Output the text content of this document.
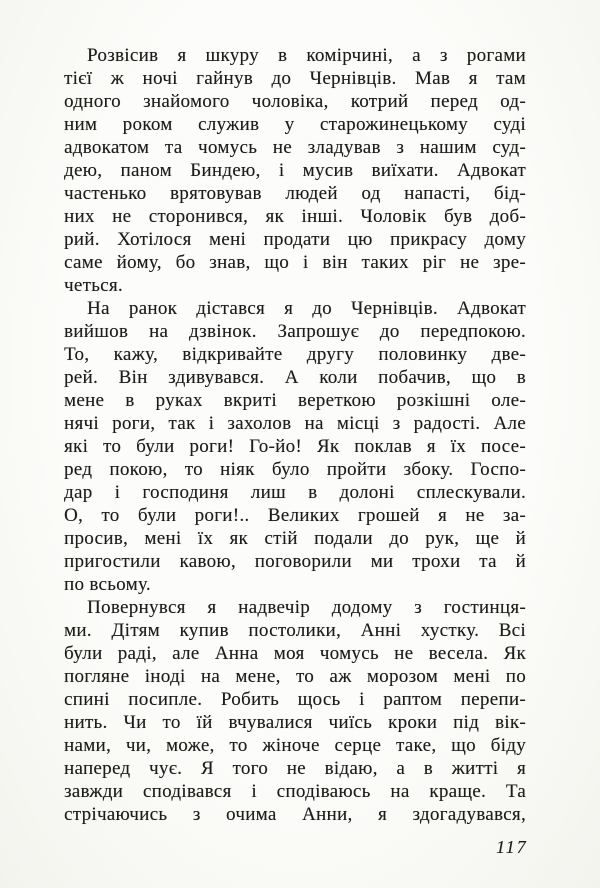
Розвісив я шкуру в комірчині, а з рогами
тієї ж ночі гайнув до Чернівців. Мав я там
одного знайомого чоловіка, котрий перед од-
ним роком служив у старожинецькому суді
адвокатом та чомусь не зладував з нашим суд-
дею, паном Биндею, і мусив виїхати. Адвокат
частенько врятовував людей од напасті, бід-
них не сторонився, як інші. Чоловік був доб-
рий. Хотілося мені продати цю прикрасу дому
саме йому, бо знав, що і він таких ріг не зре-
четься.
На ранок дістався я до Чернівців. Адвокат
вийшов на дзвінок. Запрошує до передпокою.
То, кажу, відкривайте другу половинку две-
рей. Він здивувався. А коли побачив, що в
мене в руках вкриті вереткою розкішні оле-
нячі роги, так і захолов на місці з радості. Але
які то були роги! Го-йо! Як поклав я їх посе-
ред покою, то ніяк було пройти збоку. Госпо-
дар і господиня лиш в долоні сплескували.
О, то були роги!.. Великих грошей я не за-
просив, мені їх як стій подали до рук, ще й
пригостили кавою, поговорили ми трохи та й
по всьому.
Повернувся я надвечір додому з гостинця-
ми. Дітям купив постолики, Анні хустку. Всі
були раді, але Анна моя чомусь не весела. Як
погляне іноді на мене, то аж морозом мені по
спині посипле. Робить щось і раптом перепи-
нить. Чи то їй вчувалися чиїсь кроки під вік-
нами, чи, може, то жіноче серце таке, що біду
наперед чує. Я того не відаю, а в житті я
завжди сподівався і сподіваюсь на краще. Та
стрічаючись з очима Анни, я здогадувався,
117
